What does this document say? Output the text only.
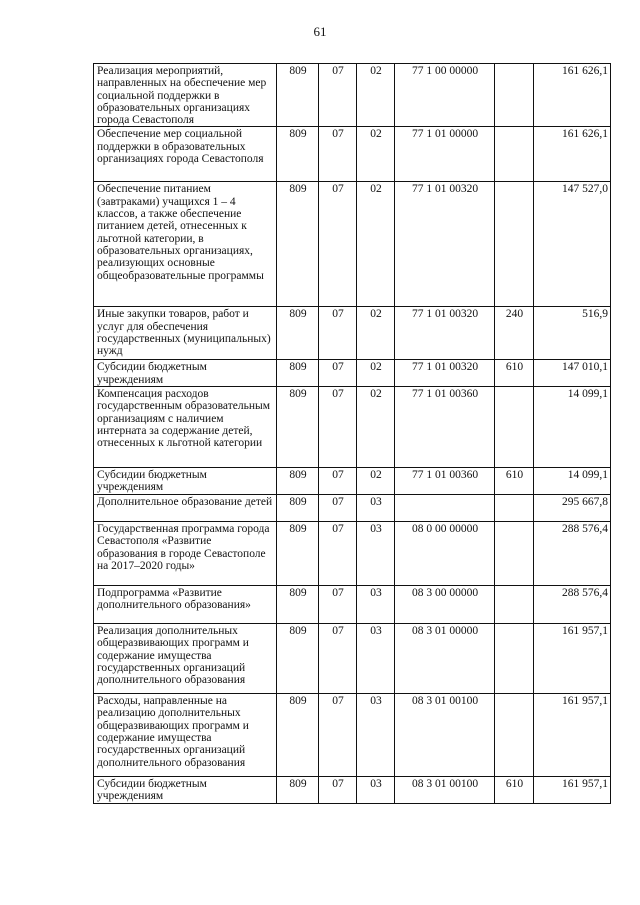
61
Реализация мероприятий, направленных на обеспечение мер социальной поддержки в образовательных организациях города Севастополя	809	07	02	77 1 00 00000		161 626,1
Обеспечение мер социальной поддержки в образовательных организациях города Севастополя	809	07	02	77 1 01 00000		161 626,1
Обеспечение питанием (завтраками) учащихся 1 – 4 классов, а также обеспечение питанием детей, отнесенных к льготной категории, в образовательных организациях, реализующих основные общеобразовательные программы	809	07	02	77 1 01 00320		147 527,0
Иные закупки товаров, работ и услуг для обеспечения государственных (муниципальных) нужд	809	07	02	77 1 01 00320	240	516,9
Субсидии бюджетным учреждениям	809	07	02	77 1 01 00320	610	147 010,1
Компенсация расходов государственным образовательным организациям с наличием интерната за содержание детей, отнесенных к льготной категории	809	07	02	77 1 01 00360		14 099,1
Субсидии бюджетным учреждениям	809	07	02	77 1 01 00360	610	14 099,1
Дополнительное образование детей	809	07	03			295 667,8
Государственная программа города Севастополя «Развитие образования в городе Севастополе на 2017–2020 годы»	809	07	03	08 0 00 00000		288 576,4
Подпрограмма «Развитие дополнительного образования»	809	07	03	08 3 00 00000		288 576,4
Реализация дополнительных общеразвивающих программ и содержание имущества государственных организаций дополнительного образования	809	07	03	08 3 01 00000		161 957,1
Расходы, направленные на реализацию дополнительных общеразвивающих программ и содержание имущества государственных организаций дополнительного образования	809	07	03	08 3 01 00100		161 957,1
Субсидии бюджетным учреждениям	809	07	03	08 3 01 00100	610	161 957,1
